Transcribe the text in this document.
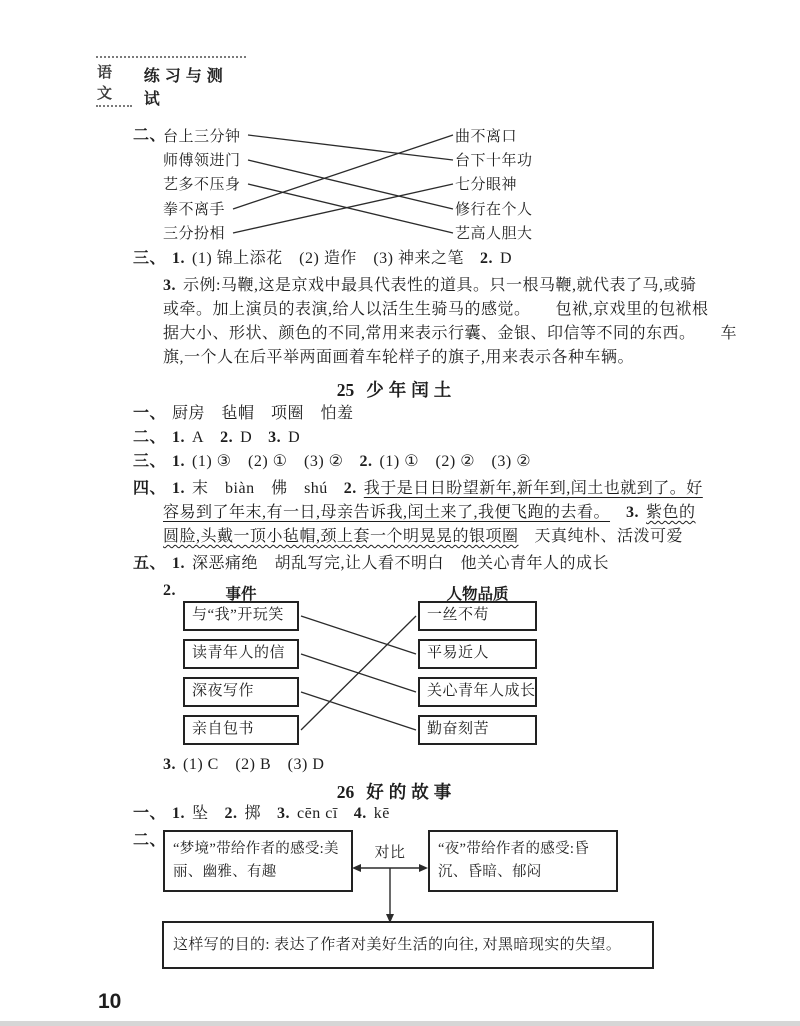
语文
练习与测试
二、
台上三分钟
师傅领进门
艺多不压身
拳不离手
三分扮相
曲不离口
台下十年功
七分眼神
修行在个人
艺高人胆大
三、 1. (1) 锦上添花　(2) 造作　(3) 神来之笔 2. D
3. 示例:马鞭,这是京戏中最具代表性的道具。只一根马鞭,就代表了马,或骑
或牵。加上演员的表演,给人以活生生骑马的感觉。　　包袱,京戏里的包袱根
据大小、形状、颜色的不同,常用来表示行囊、金银、印信等不同的东西。　　车
旗,一个人在后平举两面画着车轮样子的旗子,用来表示各种车辆。
25 少年闰土
一、 厨房　毡帽　项圈　怕羞
二、 1. A 2. D 3. D
三、 1. (1) ③　(2) ①　(3) ② 2. (1) ①　(2) ②　(3) ②
四、 1. 末　biàn　佛　shú 2. 我于是日日盼望新年,新年到,闰土也就到了。好
容易到了年末,有一日,母亲告诉我,闰土来了,我便飞跑的去看。 3. 紫色的
圆脸,头戴一顶小毡帽,颈上套一个明晃晃的银项圈 天真纯朴、活泼可爱
五、 1. 深恶痛绝　胡乱写完,让人看不明白　他关心青年人的成长
2.	事件	人物品质
与“我”开玩笑
读青年人的信
深夜写作
亲自包书
一丝不苟
平易近人
关心青年人成长
勤奋刻苦
3. (1) C　(2) B　(3) D
26 好的故事
一、 1. 坠 2. 掷 3. cēn cī 4. kē
二、 “梦境”带给作者的感受:美丽、幽雅、有趣
对比	“夜”带给作者的感受:昏沉、昏暗、郁闷
这样写的目的: 表达了作者对美好生活的向往, 对黑暗现实的失望。
10
